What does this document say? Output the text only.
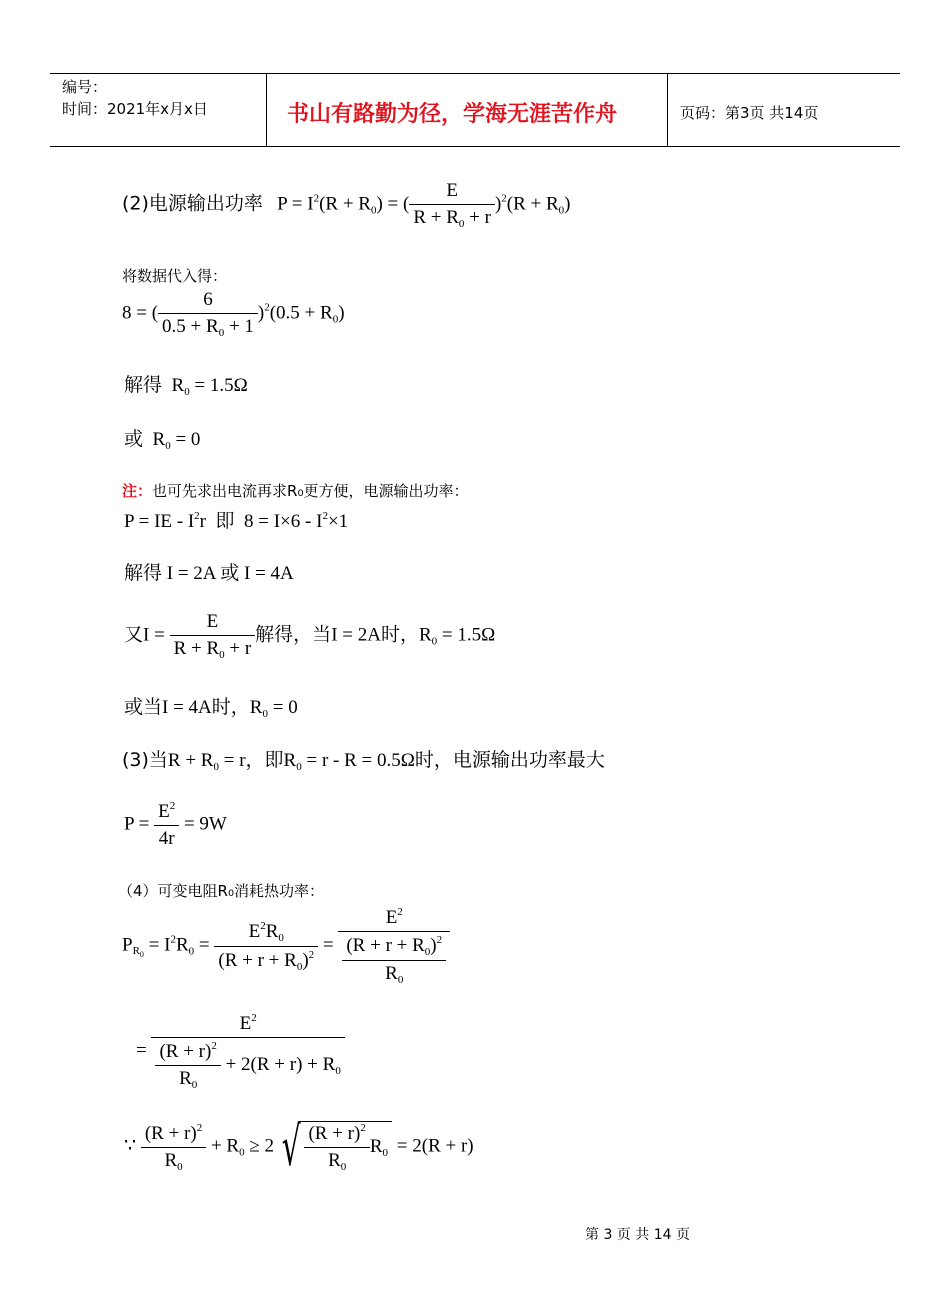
编号：
时间：2021年x月x日	书山有路勤为径，学海无涯苦作舟	页码：第3页 共14页
(2)电源输出功率   $P = I^2(R + R_0)$ = ( $\frac{E}{R + R_0 + r} )^2(R + R_0)$
将数据代入得：
8 = ( $\frac{6}{0.5 + R_0 + 1} )^2(0.5 + R_0)$
解得  $R_0 = 1.5\Omega$
或  $R_0 = 0$
注：也可先求出电流再求R₀更方便，电源输出功率：
P = IE - $I^2r$  即  $8 = I\times 6 - I^2\times 1$
解得 I = 2A 或 I = 4A
又$I = \frac{E}{R + R_0 + r}$ 解得，当I = 2A时，$R_0 = 1.5\Omega$
或当I = 4A时，$R_0 = 0$
(3)当$R + R_0 = r$，即$R_0 = r - R = 0.5\Omega$时，电源输出功率最大
$P = \frac{E^2}{4r} = 9W$
（4）可变电阻R₀消耗热功率：
$P_{R_0} = I^2R_0 = \frac{E^2R_0}{(R + r + R_0)^2} = \frac{E^2}{\frac{(R + r + R_0)^2}{R_0}}$
= $\frac{E^2}{\frac{(R + r)^2}{R_0} + 2(R + r) + R_0}$
∵ $\frac{(R + r)^2}{R_0} + R_0 \ge 2$ √ $\frac{(R + r)^2}{R_0} R_0 = 2(R + r)$
第 3 页 共 14 页
